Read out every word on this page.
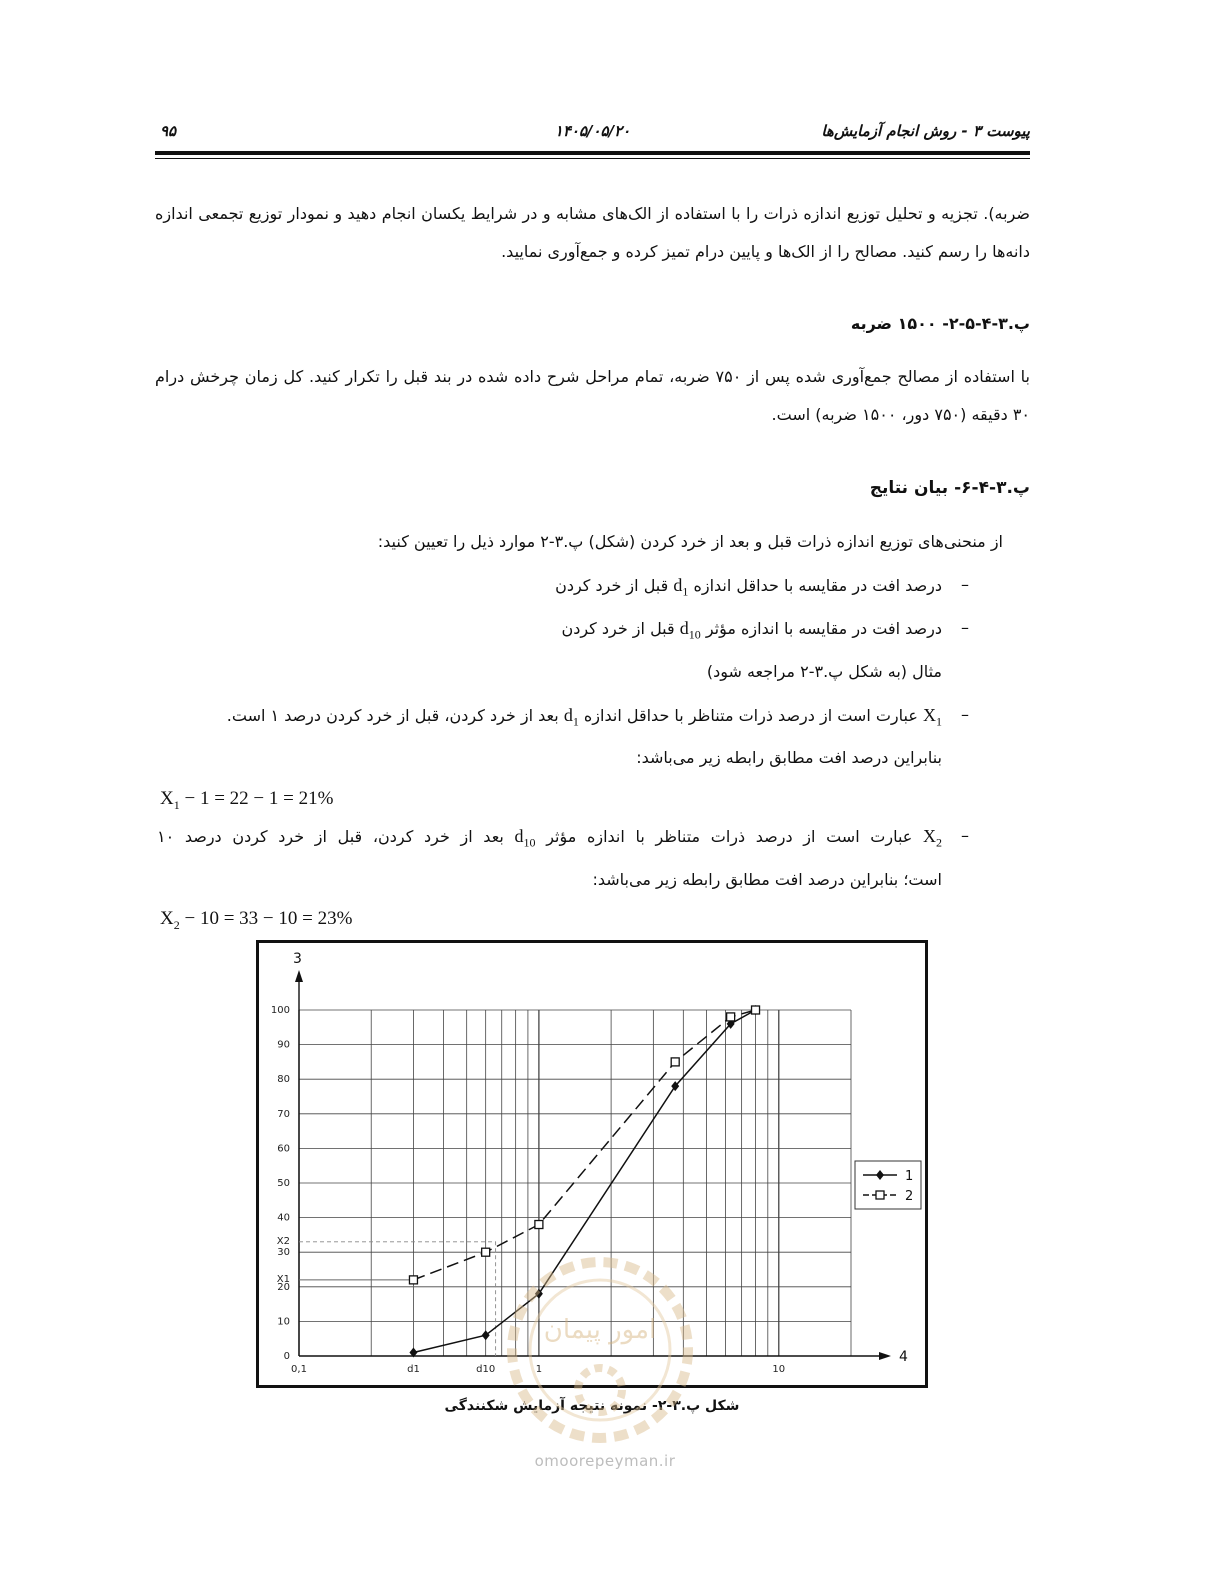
پیوست ۳ - روش انجام آزمایش‌ها
۱۴۰۵/۰۵/۲۰
۹۵

ضربه). تجزیه و تحلیل توزیع اندازه ذرات را با استفاده از الک‌های مشابه و در شرایط یکسان انجام دهید و نمودار توزیع تجمعی اندازه دانه‌ها را رسم کنید. مصالح را از الک‌ها و پایین درام تمیز کرده و جمع‌آوری نمایید.

پ.۳-۴-۵-۲- ۱۵۰۰ ضربه

با استفاده از مصالح جمع‌آوری شده پس از ۷۵۰ ضربه، تمام مراحل شرح داده شده در بند قبل را تکرار کنید. کل زمان چرخش درام ۳۰ دقیقه (۷۵۰ دور، ۱۵۰۰ ضربه) است.

پ.۳-۴-۶- بیان نتایج
از منحنی‌های توزیع اندازه ذرات قبل و بعد از خرد کردن (شکل) پ.۳-۲ موارد ذیل را تعیین کنید:
–
درصد افت در مقایسه با حداقل اندازه $d_1$ قبل از خرد کردن
–
درصد افت در مقایسه با اندازه مؤثر $d_{10}$ قبل از خرد کردن
مثال (به شکل پ.۳-۲ مراجعه شود)
–
$X_1$ عبارت است از درصد ذرات متناظر با حداقل اندازه $d_1$ بعد از خرد کردن، قبل از خرد کردن درصد ۱ است.
بنابراین درصد افت مطابق رابطه زیر می‌باشد:
$X_1 - 1 = 22 - 1 = 21\%$
–
$X_2$ عبارت است از درصد ذرات متناظر با اندازه مؤثر $d_{10}$ بعد از خرد کردن، قبل از خرد کردن درصد ۱۰
است؛ بنابراین درصد افت مطابق رابطه زیر می‌باشد:
$X_2 - 10 = 33 - 10 = 23\%$
3
4
0
10
20
30
40
50
60
70
80
90
100
X1
X2
0,1	d1	d10	1	10
1
2
شکل پ.۳-۲- نمونه نتیجه آزمایش شکنندگی
امور پیمان
omoorepeyman.ir
